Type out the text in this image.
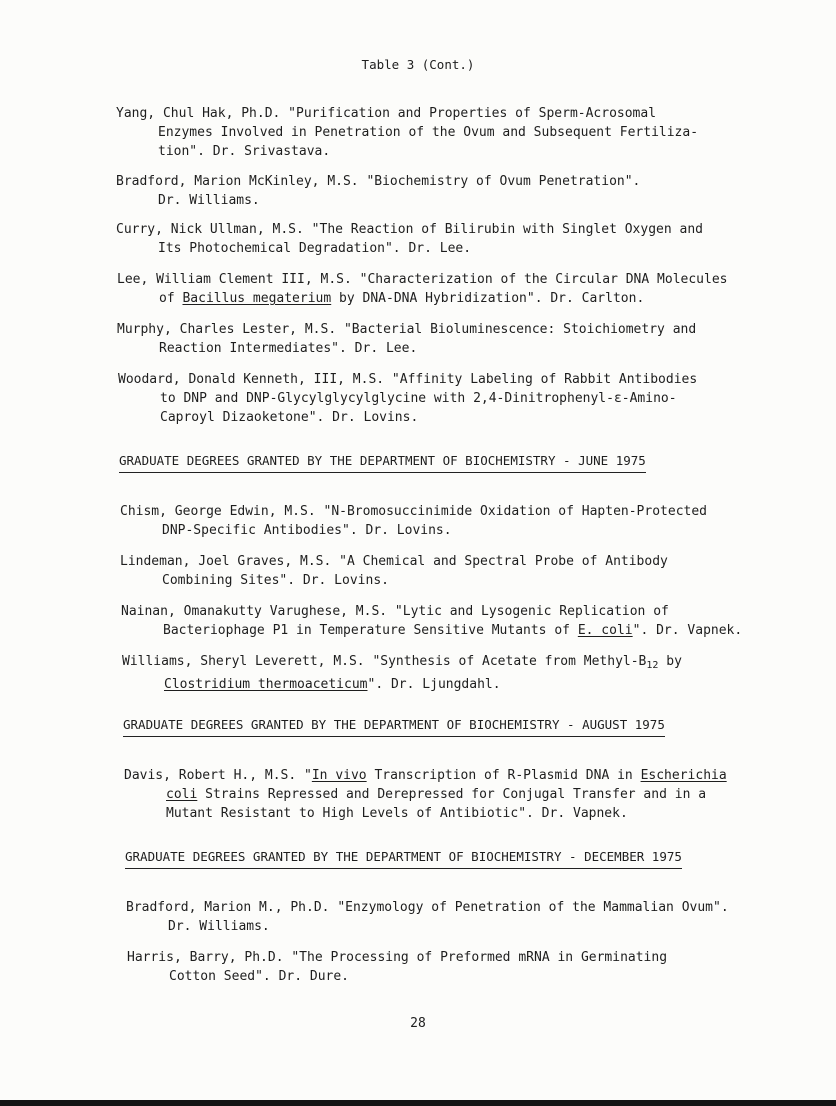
Table 3 (Cont.)
Yang, Chul Hak, Ph.D. "Purification and Properties of Sperm-Acrosomal
Enzymes Involved in Penetration of the Ovum and Subsequent Fertiliza-
tion". Dr. Srivastava.
Bradford, Marion McKinley, M.S. "Biochemistry of Ovum Penetration".
Dr. Williams.
Curry, Nick Ullman, M.S. "The Reaction of Bilirubin with Singlet Oxygen and
Its Photochemical Degradation". Dr. Lee.
Lee, William Clement III, M.S. "Characterization of the Circular DNA Molecules
of Bacillus megaterium by DNA-DNA Hybridization". Dr. Carlton.
Murphy, Charles Lester, M.S. "Bacterial Bioluminescence: Stoichiometry and
Reaction Intermediates". Dr. Lee.
Woodard, Donald Kenneth, III, M.S. "Affinity Labeling of Rabbit Antibodies
to DNP and DNP-Glycylglycylglycine with 2,4-Dinitrophenyl-ε-Amino-
Caproyl Dizaoketone". Dr. Lovins.
GRADUATE DEGREES GRANTED BY THE DEPARTMENT OF BIOCHEMISTRY - JUNE 1975
Chism, George Edwin, M.S. "N-Bromosuccinimide Oxidation of Hapten-Protected
DNP-Specific Antibodies". Dr. Lovins.
Lindeman, Joel Graves, M.S. "A Chemical and Spectral Probe of Antibody
Combining Sites". Dr. Lovins.
Nainan, Omanakutty Varughese, M.S. "Lytic and Lysogenic Replication of
Bacteriophage P1 in Temperature Sensitive Mutants of E. coli". Dr. Vapnek.
Williams, Sheryl Leverett, M.S. "Synthesis of Acetate from Methyl-$B_{12}$ by
Clostridium thermoaceticum". Dr. Ljungdahl.
GRADUATE DEGREES GRANTED BY THE DEPARTMENT OF BIOCHEMISTRY - AUGUST 1975
Davis, Robert H., M.S. "In vivo Transcription of R-Plasmid DNA in Escherichia
coli Strains Repressed and Derepressed for Conjugal Transfer and in a
Mutant Resistant to High Levels of Antibiotic". Dr. Vapnek.
GRADUATE DEGREES GRANTED BY THE DEPARTMENT OF BIOCHEMISTRY - DECEMBER 1975
Bradford, Marion M., Ph.D. "Enzymology of Penetration of the Mammalian Ovum".
Dr. Williams.
Harris, Barry, Ph.D. "The Processing of Preformed mRNA in Germinating
Cotton Seed". Dr. Dure.
28
